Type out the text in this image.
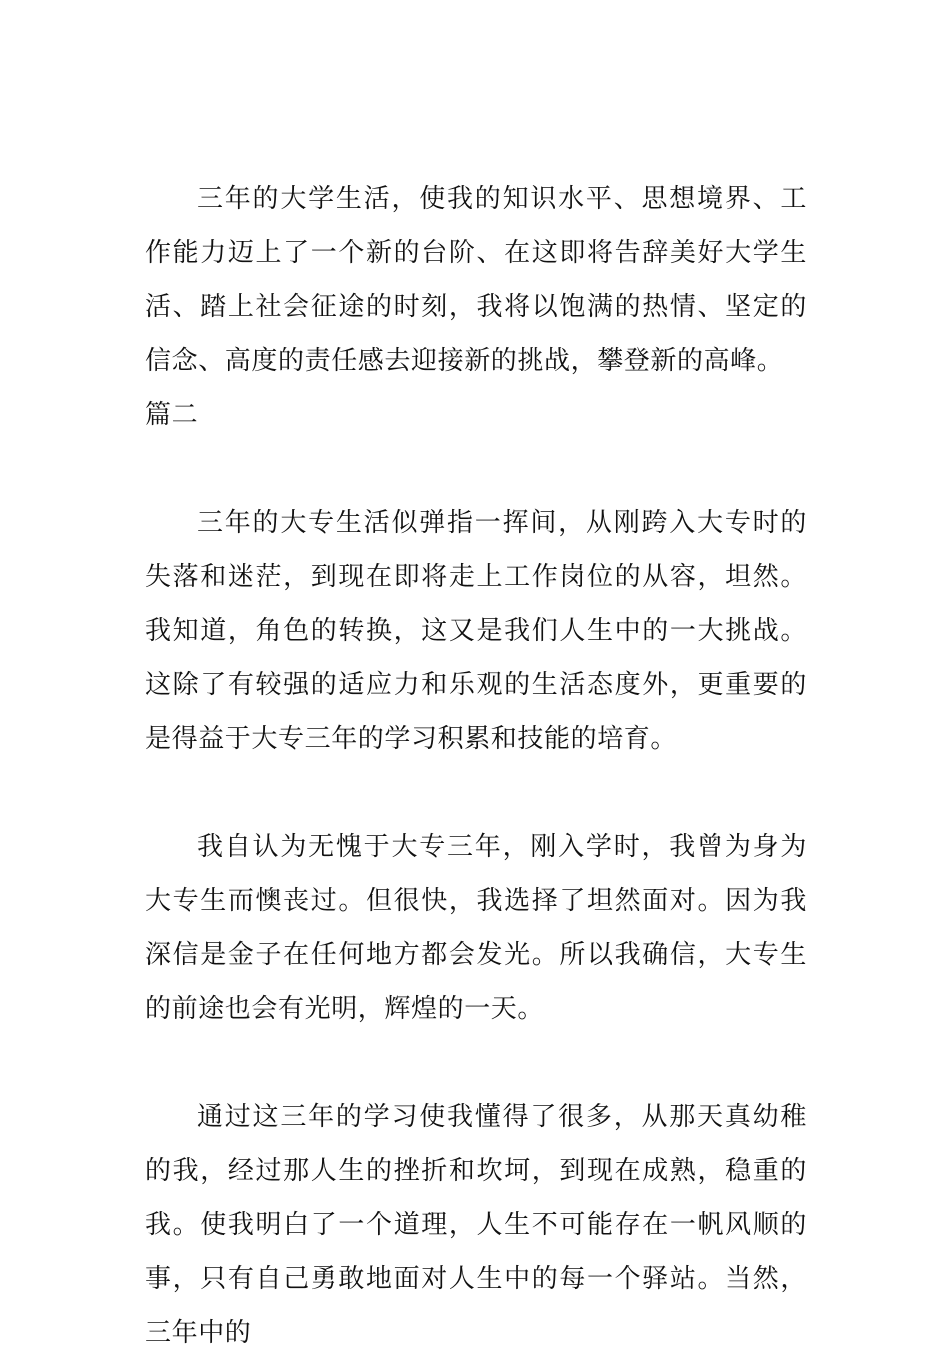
三年的大学生活，使我的知识水平、思想境界、工作能力迈上了一个新的台阶、在这即将告辞美好大学生活、踏上社会征途的时刻，我将以饱满的热情、坚定的信念、高度的责任感去迎接新的挑战，攀登新的高峰。

篇二

三年的大专生活似弹指一挥间，从刚跨入大专时的失落和迷茫，到现在即将走上工作岗位的从容，坦然。我知道，角色的转换，这又是我们人生中的一大挑战。这除了有较强的适应力和乐观的生活态度外，更重要的是得益于大专三年的学习积累和技能的培育。

我自认为无愧于大专三年，刚入学时，我曾为身为大专生而懊丧过。但很快，我选择了坦然面对。因为我深信是金子在任何地方都会发光。所以我确信，大专生的前途也会有光明，辉煌的一天。

通过这三年的学习使我懂得了很多，从那天真幼稚的我，经过那人生的挫折和坎坷，到现在成熟，稳重的我。使我明白了一个道理，人生不可能存在一帆风顺的事，只有自己勇敢地面对人生中的每一个驿站。当然，三年中的
